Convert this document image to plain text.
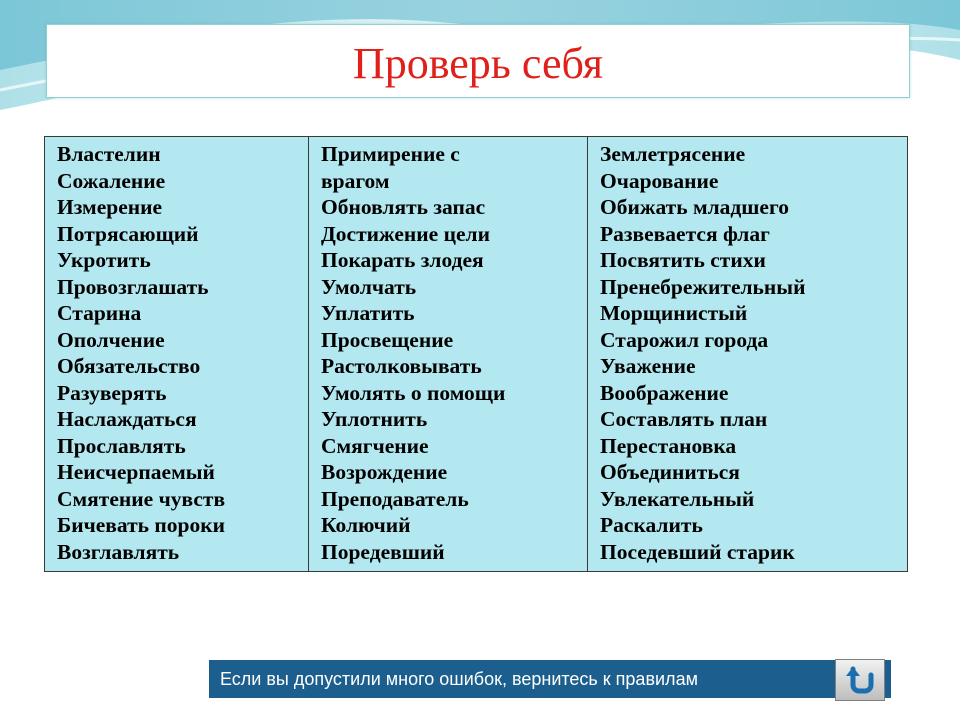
Проверь себя
Властелин
Сожаление
Измерение
Потрясающий
Укротить
Провозглашать
Старина
Ополчение
Обязательство
Разуверять
Наслаждаться
Прославлять
Неисчерпаемый
Смятение чувств
Бичевать пороки
Возглавлять
Примирение с
врагом
Обновлять запас
Достижение цели
Покарать злодея
Умолчать
Уплатить
Просвещение
Растолковывать
Умолять о помощи
Уплотнить
Смягчение
Возрождение
Преподаватель
Колючий
Поредевший
Землетрясение
Очарование
Обижать младшего
Развевается флаг
Посвятить стихи
Пренебрежительный
Морщинистый
Старожил города
Уважение
Воображение
Составлять план
Перестановка
Объединиться
Увлекательный
Раскалить
Поседевший старик
Если вы допустили много ошибок, вернитесь к правилам
